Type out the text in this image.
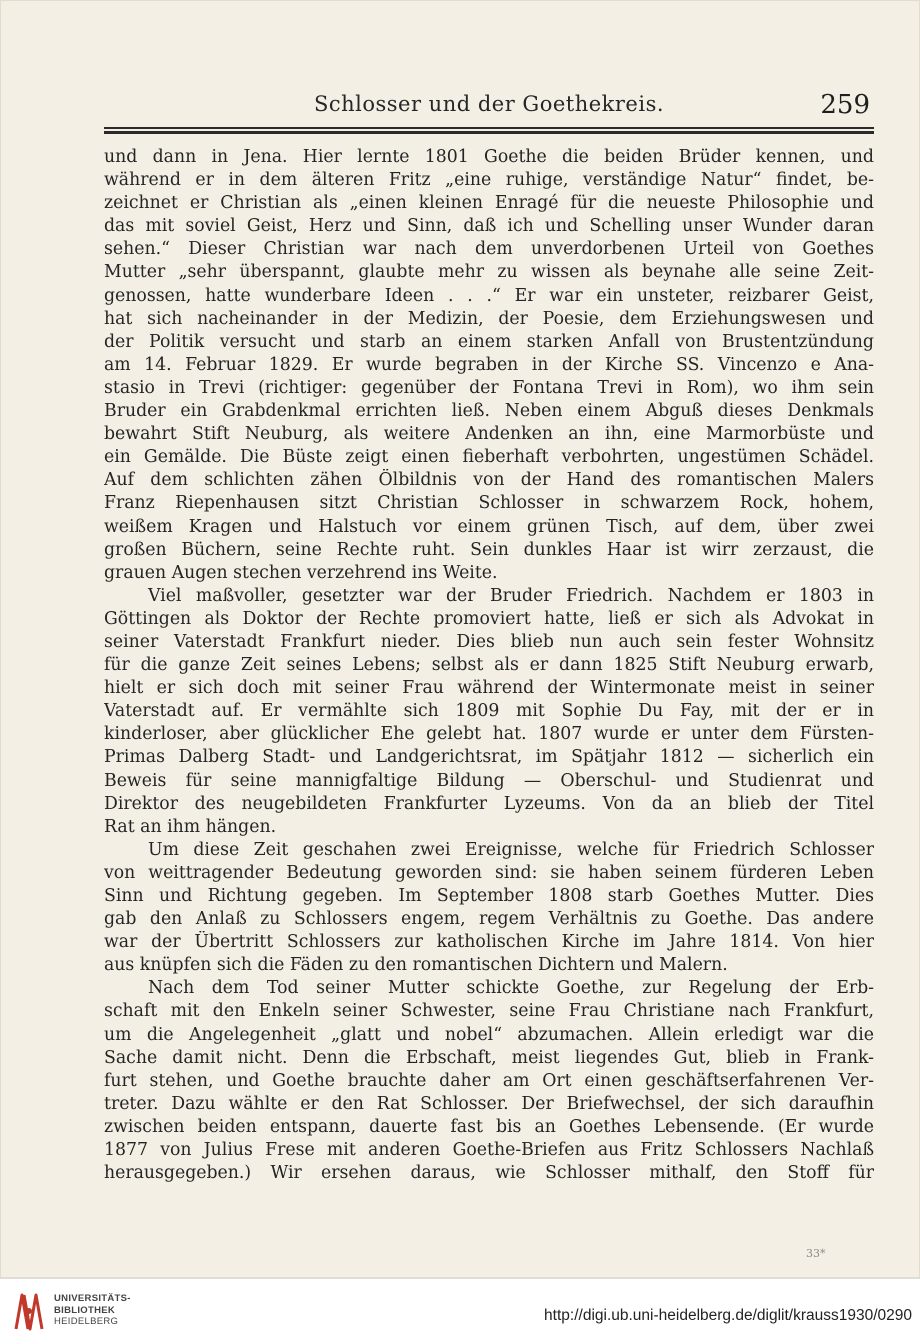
Schlosser und der Goethekreis.	259
und dann in Jena. Hier lernte 1801 Goethe die beiden Brüder kennen, und
während er in dem älteren Fritz „eine ruhige, verständige Natur“ findet, be-
zeichnet er Christian als „einen kleinen Enragé für die neueste Philosophie und
das mit soviel Geist, Herz und Sinn, daß ich und Schelling unser Wunder daran
sehen.“ Dieser Christian war nach dem unverdorbenen Urteil von Goethes
Mutter „sehr überspannt, glaubte mehr zu wissen als beynahe alle seine Zeit-
genossen, hatte wunderbare Ideen . . .“ Er war ein unsteter, reizbarer Geist,
hat sich nacheinander in der Medizin, der Poesie, dem Erziehungswesen und
der Politik versucht und starb an einem starken Anfall von Brustentzündung
am 14. Februar 1829. Er wurde begraben in der Kirche SS. Vincenzo e Ana-
stasio in Trevi (richtiger: gegenüber der Fontana Trevi in Rom), wo ihm sein
Bruder ein Grabdenkmal errichten ließ. Neben einem Abguß dieses Denkmals
bewahrt Stift Neuburg, als weitere Andenken an ihn, eine Marmorbüste und
ein Gemälde. Die Büste zeigt einen fieberhaft verbohrten, ungestümen Schädel.
Auf dem schlichten zähen Ölbildnis von der Hand des romantischen Malers
Franz Riepenhausen sitzt Christian Schlosser in schwarzem Rock, hohem,
weißem Kragen und Halstuch vor einem grünen Tisch, auf dem, über zwei
großen Büchern, seine Rechte ruht. Sein dunkles Haar ist wirr zerzaust, die
grauen Augen stechen verzehrend ins Weite.
Viel maßvoller, gesetzter war der Bruder Friedrich. Nachdem er 1803 in
Göttingen als Doktor der Rechte promoviert hatte, ließ er sich als Advokat in
seiner Vaterstadt Frankfurt nieder. Dies blieb nun auch sein fester Wohnsitz
für die ganze Zeit seines Lebens; selbst als er dann 1825 Stift Neuburg erwarb,
hielt er sich doch mit seiner Frau während der Wintermonate meist in seiner
Vaterstadt auf. Er vermählte sich 1809 mit Sophie Du Fay, mit der er in
kinderloser, aber glücklicher Ehe gelebt hat. 1807 wurde er unter dem Fürsten-
Primas Dalberg Stadt- und Landgerichtsrat, im Spätjahr 1812 — sicherlich ein
Beweis für seine mannigfaltige Bildung — Oberschul- und Studienrat und
Direktor des neugebildeten Frankfurter Lyzeums. Von da an blieb der Titel
Rat an ihm hängen.
Um diese Zeit geschahen zwei Ereignisse, welche für Friedrich Schlosser
von weittragender Bedeutung geworden sind: sie haben seinem fürderen Leben
Sinn und Richtung gegeben. Im September 1808 starb Goethes Mutter. Dies
gab den Anlaß zu Schlossers engem, regem Verhältnis zu Goethe. Das andere
war der Übertritt Schlossers zur katholischen Kirche im Jahre 1814. Von hier
aus knüpfen sich die Fäden zu den romantischen Dichtern und Malern.
Nach dem Tod seiner Mutter schickte Goethe, zur Regelung der Erb-
schaft mit den Enkeln seiner Schwester, seine Frau Christiane nach Frankfurt,
um die Angelegenheit „glatt und nobel“ abzumachen. Allein erledigt war die
Sache damit nicht. Denn die Erbschaft, meist liegendes Gut, blieb in Frank-
furt stehen, und Goethe brauchte daher am Ort einen geschäftserfahrenen Ver-
treter. Dazu wählte er den Rat Schlosser. Der Briefwechsel, der sich daraufhin
zwischen beiden entspann, dauerte fast bis an Goethes Lebensende. (Er wurde
1877 von Julius Frese mit anderen Goethe-Briefen aus Fritz Schlossers Nachlaß
herausgegeben.) Wir ersehen daraus, wie Schlosser mithalf, den Stoff für
33*
UNIVERSITÄTS-
BIBLIOTHEK
HEIDELBERG	http://digi.ub.uni-heidelberg.de/diglit/krauss1930/0290
